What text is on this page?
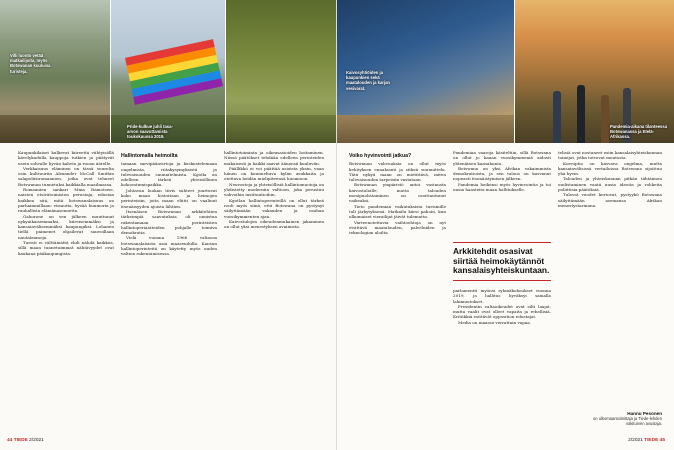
Villi luonto vetää matkailijoita, myös Botswanan kuuluisa turisteja.
Pride-kulkue juhli tasa-arvon saavuttamista toukokuussa 2019.

Kaupunkilaiset kulkevat kiireettä viihtyisällä kävelykadulla kauppoja tutkien ja päätyvät usein sohvalle hyvän kahvin ja ruoan äärelle.

Verkkaisuus eläminen on tässä suurelta osin kulttuuriin Alexander McCall Smithin salapoliisiromaanien, jotka ovat tehneet Botswanan tunnetuksi kaikkialla maailmassa.

Romaanien sankari Mma Ramotswe, naisten etsivätoimiston perustaja, edustaa kaikkea sitä, mitä botswanalaisuus on parhaimmillaan: viisautta, hyvää huumoria ja rauhallista elämänasennetta.

Gaborone on sen jälkeen muuttunut nykyaikaisemmaksi, kiireisemmäksi ja kansainvälisemmäksi kaupungiksi. Lohanen tiellä paimenet ohjailevat sauvoillaan nautalaumoja.

Turisti ei välttämättä ehdi nähdä kaikkea, sillä maan tunnetuimmat nähtävyydet ovat kaukana pääkaupungista.

Hallintomalla heimoilta

tamaan sarvipäänvirtoja ja keskustelemaan ongelmista, riitakysymyksistä ja tulevaisuuden suunnitelmista. Kgotla on edelleen tärkeä yhteisöllinen kokoontumispaikka.

Johtavan luokan tiivis suhteet juurtuvat koko maan historiaan ja heimojen perinteisiin, joita maan eliitti on vaalinut itsenäisyyden ajoista lähtien.

Itsenäisen Botswanan arkkitehtien tärkeimpiä saavutuksia oli onnistua rakentamaan perinteisten hallintoperiaatteiden pohjalle toimiva demokratia.

Vielä vuonna 1966 valtaosa botswanalaisista asui maaseudulla. Kansan hallintoperinteitä on käytetty myös uuden valtion rakentamisessa.

hallintotoiminta ja oikeusasioiden hoitaminen. Niissä päätökset tehdään edelleen perinteiden mukaisesti ja kaikki saavat äänensä kuuluviin.

Päällikkö ei voi päättää asioista yksin, vaan hänen on kuunneltava kylän asukkaita ja otettava heidän mielipiteensä huomioon.

Neuvostoja ja yhteisöllisiä hallintomuotoja on yhdistetty moderniin valtioon, joka perustuu vahvoihin instituutioihin.

Kgotlan hallintoperinteillä on ollut tärkeä rooli myös siinä, että Botswana on pystynyt säilyttämään vakauden ja rauhan vuosikymmenten ajan.

Kaivostulojen oikeudenmukainen jakaminen on ollut yksi menestyksen avaimista.

44 TIEDE 2/2021
Kaivosyhtiöiden ja kaupunkien sekä maatalouden ja karjan vesivarat.
Pandemia-aikana tilanteessa Botswanassa ja Etelä-Afrikassa.
Voiko hyvinvointi jatkua?

Botswanan vahvuuksia on ollut myös kehityksen ennakointi ja sitkeä suunnittelu. Tätä nykyä maan on mietittävä, miten tulevaisuuden tarpeisiin vastataan.

Botswanan ympäristö antoi vastausta kaivostuloille, mutta talouden monipuolistaminen on osoittautunut vaikeaksi.

Tieto pandemian vaikutuksista turismille tuli järkytyksenä. Matkailu kärsi pahoin, kun ulkomaiset vierailijat jäivät tulematta.

Varteenotettavia vaihtoehtoja on nyt etsittävä maatalouden, palveluiden ja teknologian aloilta.

Pandemian vaaroja käsiteltiin, sillä Botswana on ollut jo kauan vuosikymmeniä aidosti yhtenäinen kansakunta.

Botswana on yksi Afrikan vakaimmista demokratioista, ja sen talous on kasvanut nopeasti itsenäistymisen jälkeen.

Pandemia heikensi myös hyvinvointia ja toi uusia haasteita maan hallitukselle.

Arkkitehdit osasivat siirtää heimokäytännöt kansalaisyhteiskuntaan.

parlamentti myönsi ryhmäkokoukset vuonna 2019, ja hallitus hyväksyi samalla lakimuutokset.

Presidentin valtaoikeudet ovat silti laajat, mutta vaalit ovat olleet vapaita ja rehellisiä. Kritiikkiä esittävät opposition edustajat.

Media on maassa verrattain vapaa.

telisiä ovat nostaneet esiin kansalaisyhteiskunnan toimijat, jotka toivovat muutosta.

Korruptio on kasvava ongelma, mutta kansainvälisissä vertailuissa Botswana sijoittuu yhä hyvin.

Talouden ja yhteiskunnan pitkän tähtäimen uudistaminen vaatii uusia ideoita ja rohkeita poliittisia päätöksiä.

Tulevat vuodet kertovat, pystyykö Botswana säilyttämään asemansa Afrikan menestystarinana.

Hannu Pesonen
on ulkomaantoimittaja ja Tiede-lehden vakituinen avustaja.
2/2021 TIEDE 45
